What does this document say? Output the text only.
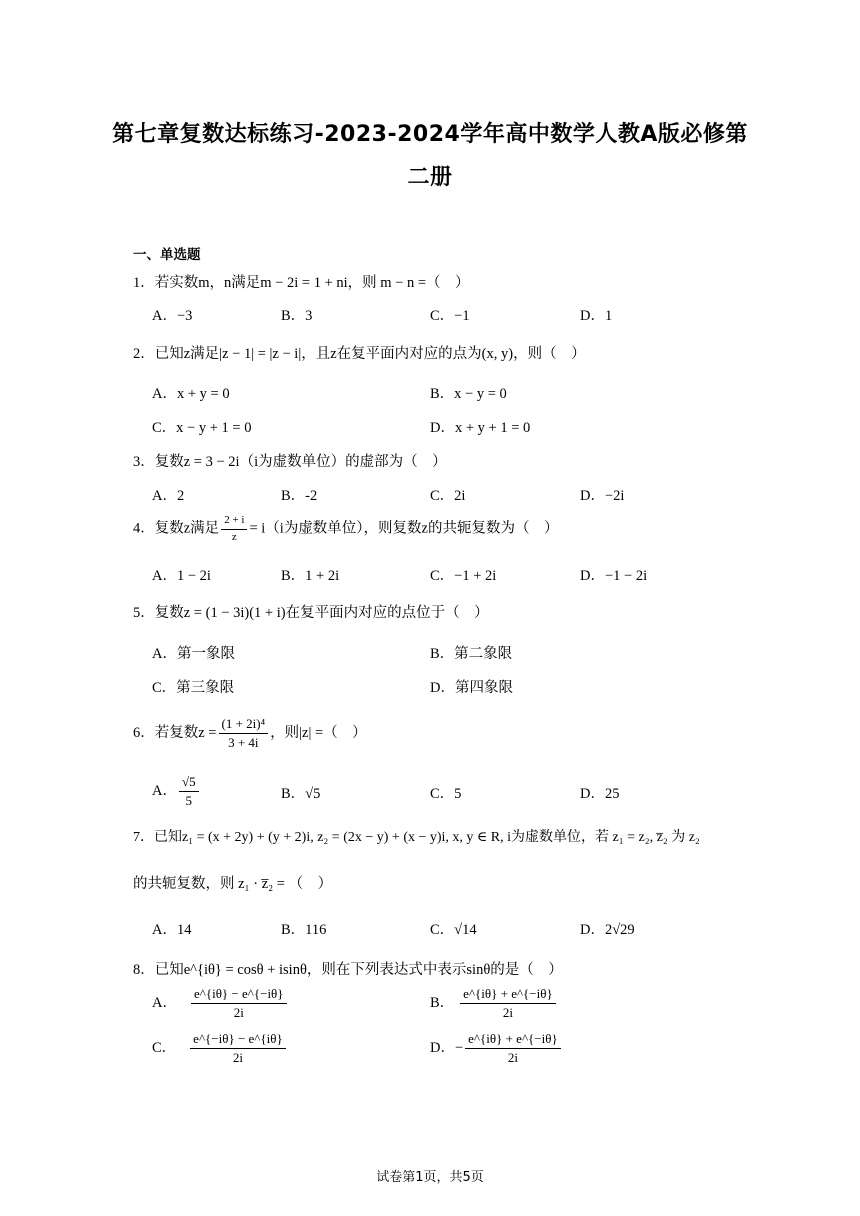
第七章复数达标练习-2023-2024学年高中数学人教A版必修第
二册
一、单选题
1．若实数m，n满足m − 2i = 1 + ni，则 m − n =（　）
A．−3	B．3	C．−1	D．1
2．已知z满足|z − 1| = |z − i|，且z在复平面内对应的点为(x, y)，则（　）
A．x + y = 0	B．x − y = 0
C．x − y + 1 = 0	D．x + y + 1 = 0
3．复数z = 3 − 2i（i为虚数单位）的虚部为（　）
A．2	B．-2	C．2i	D．−2i
4．复数z满足 $\frac{2 + i}{z} = i(i$为虚数单位），则复数z的共轭复数为（　）
A．1 − 2i	B．1 + 2i	C．−1 + 2i	D．−1 − 2i
5．复数z = (1 − 3i)(1 + i)在复平面内对应的点位于（　）
A．第一象限	B．第二象限
C．第三象限	D．第四象限
6．若复数$z = \frac{\text{(1 + 2i)⁴}}{3 + 4i}$ ，则|z| =（　）
A． $\frac{√5}{5}$	B．√5	C．5	D．25
7．已知z₁ = (x + 2y) + (y + 2)i, z₂ = (2x − y) + (x − y)i, x, y ∈ R, i为虚数单位，若 z₁ = z₂, z̅₂ 为 z₂
的共轭复数，则 z₁ · z̅₂ = （　）
A．14	B．116	C．√14	D．2√29
8．已知e^{iθ} = cosθ + isinθ，则在下列表达式中表示sinθ的是（　）
A． $\frac{e\^{}\{i\theta\} - e\^{}\{-i\theta\}}{2i}$	B． $\frac{e\^{}\{i\theta\} + e\^{}\{-i\theta\}}{2i}$
C． $\frac{e\^{}\{-i\theta\} - e\^{}\{i\theta\}}{2i}$	D．− $\frac{e\^{}\{i\theta\} + e\^{}\{-i\theta\}}{2i}$
试卷第1页，共5页
